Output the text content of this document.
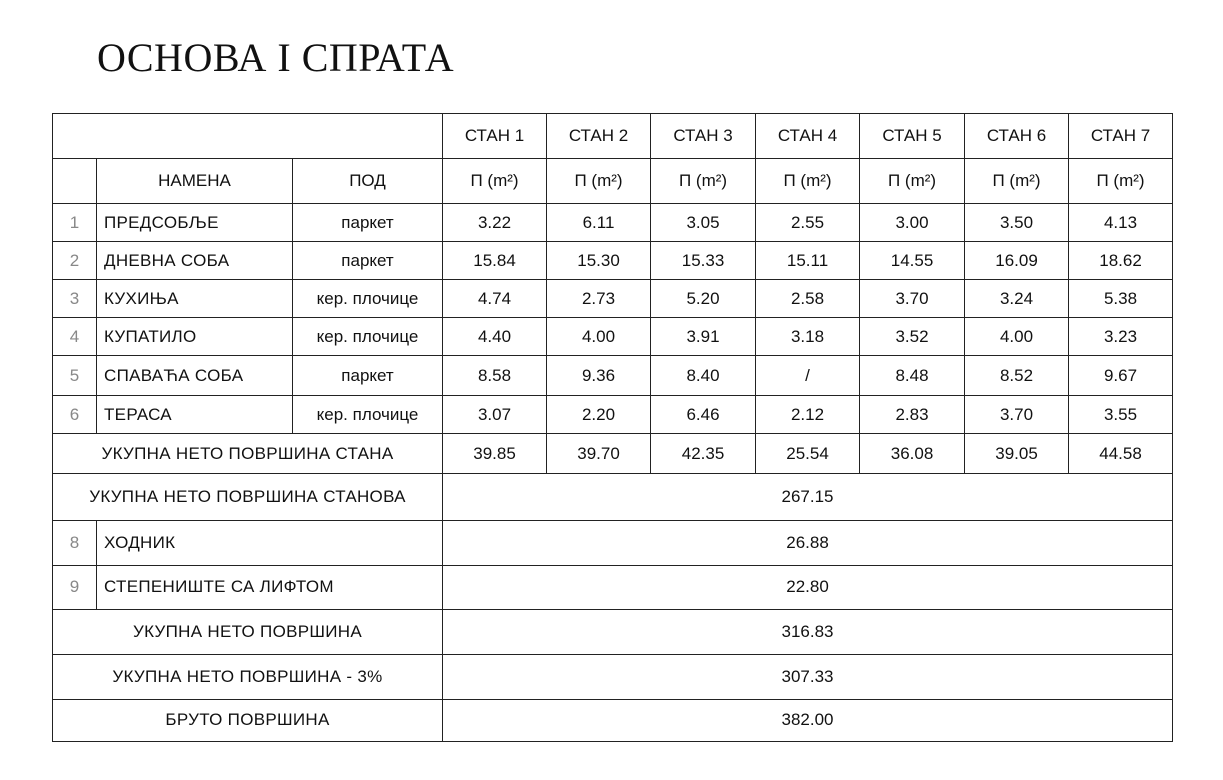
ОСНОВА I СПРАТА
			СТАН 1	СТАН 2	СТАН 3	СТАН 4	СТАН 5	СТАН 6	СТАН 7
	НАМЕНА	ПОД	П (m²)	П (m²)	П (m²)	П (m²)	П (m²)	П (m²)	П (m²)
1	ПРЕДСОБЉЕ	паркет	3.22	6.11	3.05	2.55	3.00	3.50	4.13
2	ДНЕВНА СОБА	паркет	15.84	15.30	15.33	15.11	14.55	16.09	18.62
3	КУХИЊА	кер. плочице	4.74	2.73	5.20	2.58	3.70	3.24	5.38
4	КУПАТИЛО	кер. плочице	4.40	4.00	3.91	3.18	3.52	4.00	3.23
5	СПАВАЋА СОБА	паркет	8.58	9.36	8.40	/	8.48	8.52	9.67
6	ТЕРАСА	кер. плочице	3.07	2.20	6.46	2.12	2.83	3.70	3.55
УКУПНА НЕТО ПОВРШИНА СТАНА			39.85	39.70	42.35	25.54	36.08	39.05	44.58
УКУПНА НЕТО ПОВРШИНА СТАНОВА			267.15						
8	ХОДНИК		26.88						
9	СТЕПЕНИШТЕ СА ЛИФТОМ		22.80						
УКУПНА НЕТО ПОВРШИНА			316.83						
УКУПНА НЕТО ПОВРШИНА - 3%			307.33						
БРУТО ПОВРШИНА			382.00						
